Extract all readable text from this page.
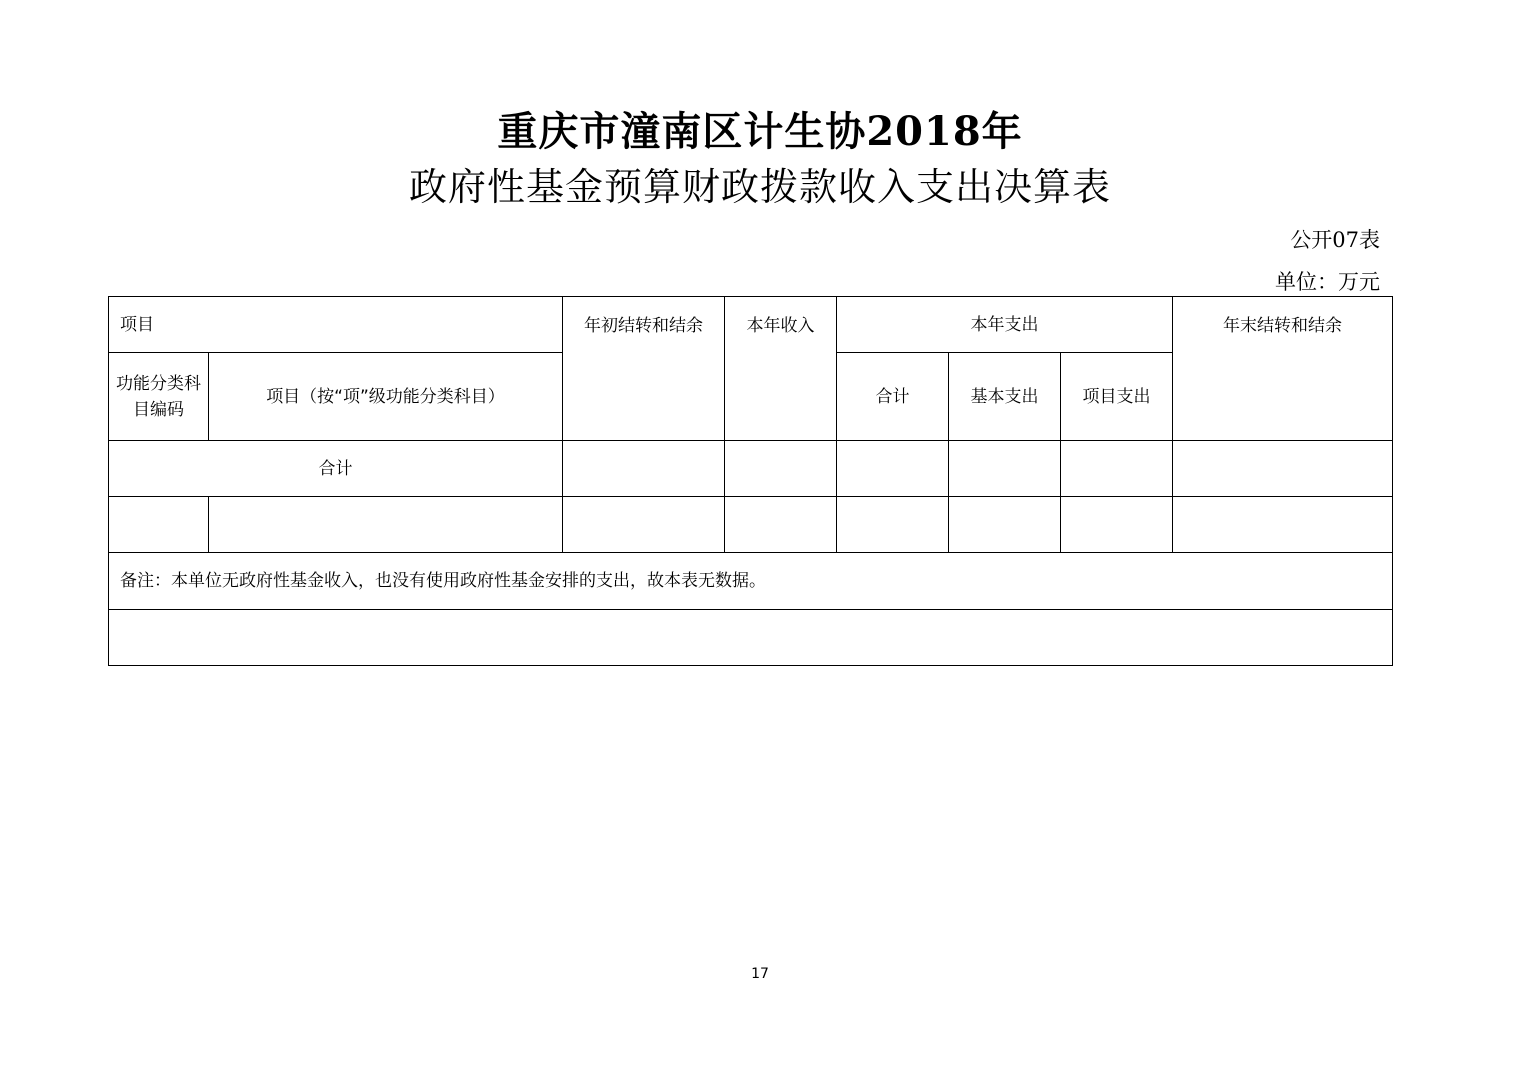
重庆市潼南区计生协2018年
政府性基金预算财政拨款收入支出决算表
公开07表
单位：万元
项目		年初结转和结余	本年收入	本年支出			年末结转和结余
功能分类科目编码	项目（按“项”级功能分类科目）			合计	基本支出	项目支出	
合计							

备注：本单位无政府性基金收入，也没有使用政府性基金安排的支出，故本表无数据。							

17
